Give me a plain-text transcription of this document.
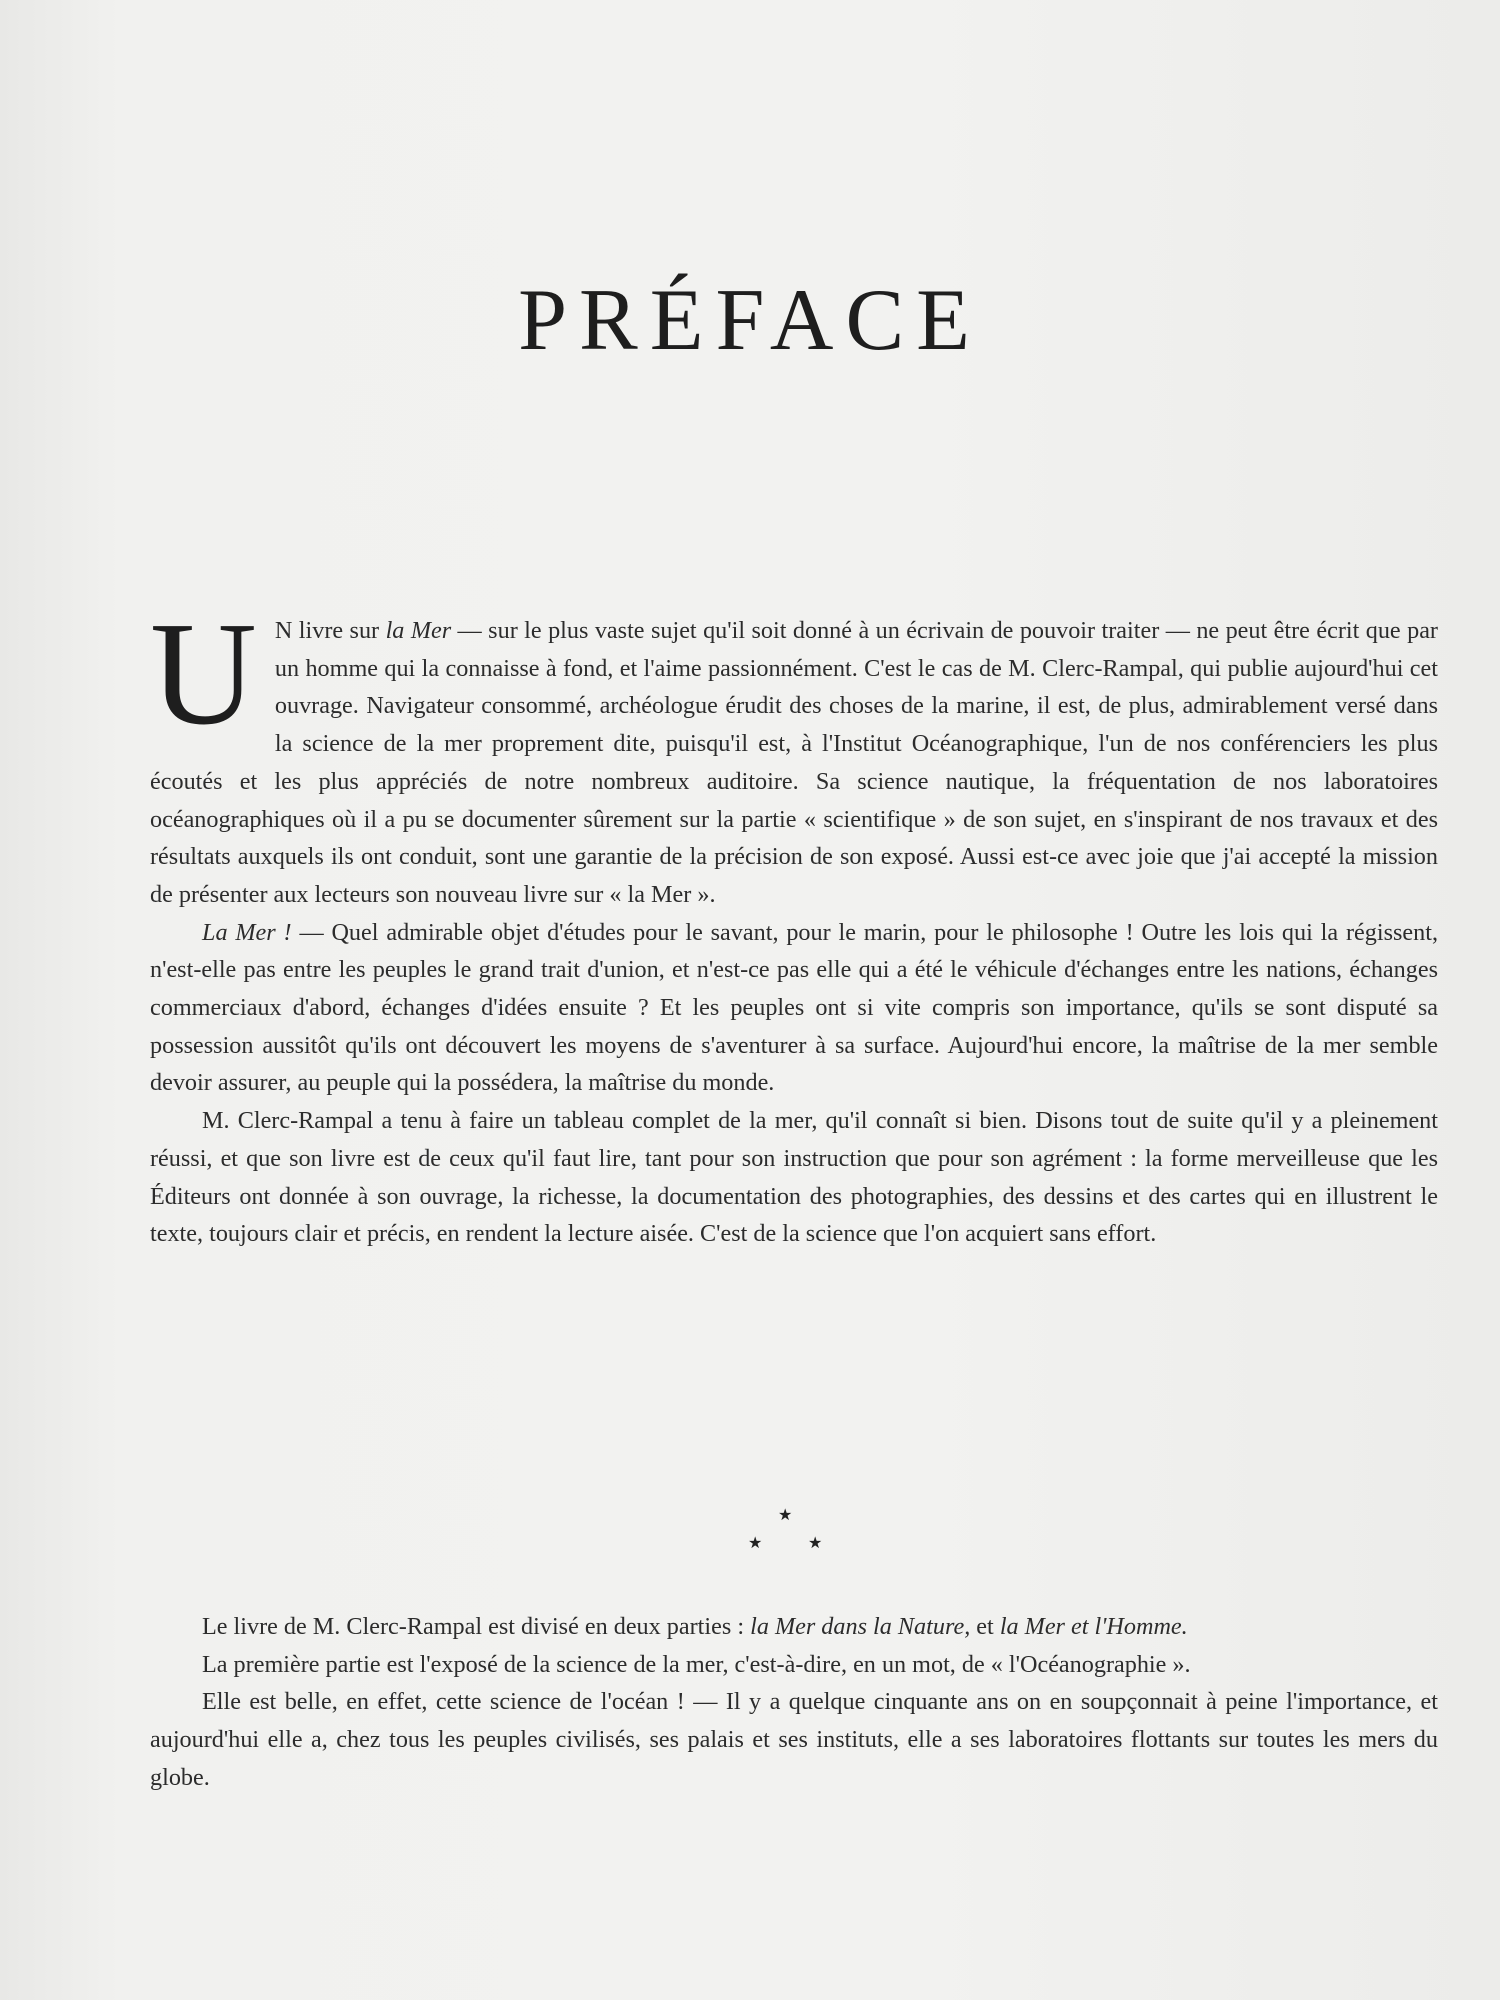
PRÉFACE

U N livre sur la Mer — sur le plus vaste sujet qu'il soit donné à un écrivain de pouvoir traiter — ne peut être écrit que par un homme qui la connaisse à fond, et l'aime passionnément. C'est le cas de M. Clerc-Rampal, qui publie aujourd'hui cet ouvrage. Navigateur consommé, archéologue érudit des choses de la marine, il est, de plus, admirablement versé dans la science de la mer proprement dite, puisqu'il est, à l'Institut Océanographique, l'un de nos conférenciers les plus écoutés et les plus appréciés de notre nombreux auditoire. Sa science nautique, la fréquentation de nos laboratoires océanographiques où il a pu se documenter sûrement sur la partie « scientifique » de son sujet, en s'inspirant de nos travaux et des résultats auxquels ils ont conduit, sont une garantie de la précision de son exposé. Aussi est-ce avec joie que j'ai accepté la mission de présenter aux lecteurs son nouveau livre sur « la Mer ».

La Mer ! — Quel admirable objet d'études pour le savant, pour le marin, pour le philosophe ! Outre les lois qui la régissent, n'est-elle pas entre les peuples le grand trait d'union, et n'est-ce pas elle qui a été le véhicule d'échanges entre les nations, échanges commerciaux d'abord, échanges d'idées ensuite ? Et les peuples ont si vite compris son importance, qu'ils se sont disputé sa possession aussitôt qu'ils ont découvert les moyens de s'aventurer à sa surface. Aujourd'hui encore, la maîtrise de la mer semble devoir assurer, au peuple qui la possédera, la maîtrise du monde.

M. Clerc-Rampal a tenu à faire un tableau complet de la mer, qu'il connaît si bien. Disons tout de suite qu'il y a pleinement réussi, et que son livre est de ceux qu'il faut lire, tant pour son instruction que pour son agrément : la forme merveilleuse que les Éditeurs ont donnée à son ouvrage, la richesse, la documentation des photographies, des dessins et des cartes qui en illustrent le texte, toujours clair et précis, en rendent la lecture aisée. C'est de la science que l'on acquiert sans effort.

★
★	★

Le livre de M. Clerc-Rampal est divisé en deux parties : la Mer dans la Nature, et la Mer et l'Homme.

La première partie est l'exposé de la science de la mer, c'est-à-dire, en un mot, de « l'Océanographie ».

Elle est belle, en effet, cette science de l'océan ! — Il y a quelque cinquante ans on en soupçonnait à peine l'importance, et aujourd'hui elle a, chez tous les peuples civilisés, ses palais et ses instituts, elle a ses laboratoires flottants sur toutes les mers du globe.
